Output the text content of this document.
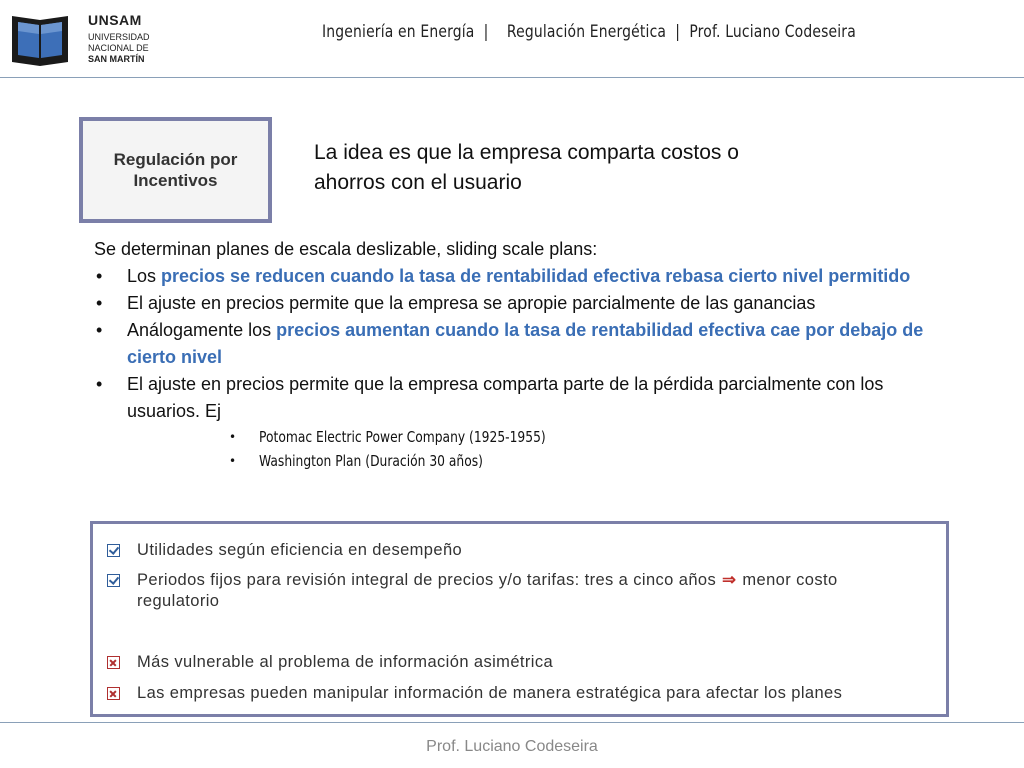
UNSAM
UNIVERSIDAD
NACIONAL DE
SAN MARTÍN
Ingeniería en Energía  |    Regulación Energética  |  Prof. Luciano Codeseira
Regulación por
Incentivos
La idea es que la empresa comparta costos o ahorros con el usuario
Se determinan planes de escala deslizable, sliding scale plans:
• Los precios se reducen cuando la tasa de rentabilidad efectiva rebasa cierto nivel permitido
• El ajuste en precios permite que la empresa se apropie parcialmente de las ganancias
• Análogamente los precios aumentan cuando la tasa de rentabilidad efectiva cae por debajo de cierto nivel
• El ajuste en precios permite que la empresa comparta parte de la pérdida parcialmente con los usuarios. Ej
• Potomac Electric Power Company (1925-1955)
• Washington Plan (Duración 30 años)
Utilidades según eficiencia en desempeño
Periodos fijos para revisión integral de precios y/o tarifas: tres a cinco años ⇒ menor costo
regulatorio
Más vulnerable al problema de información asimétrica
Las empresas pueden manipular información de manera estratégica para afectar los planes
Prof. Luciano Codeseira
